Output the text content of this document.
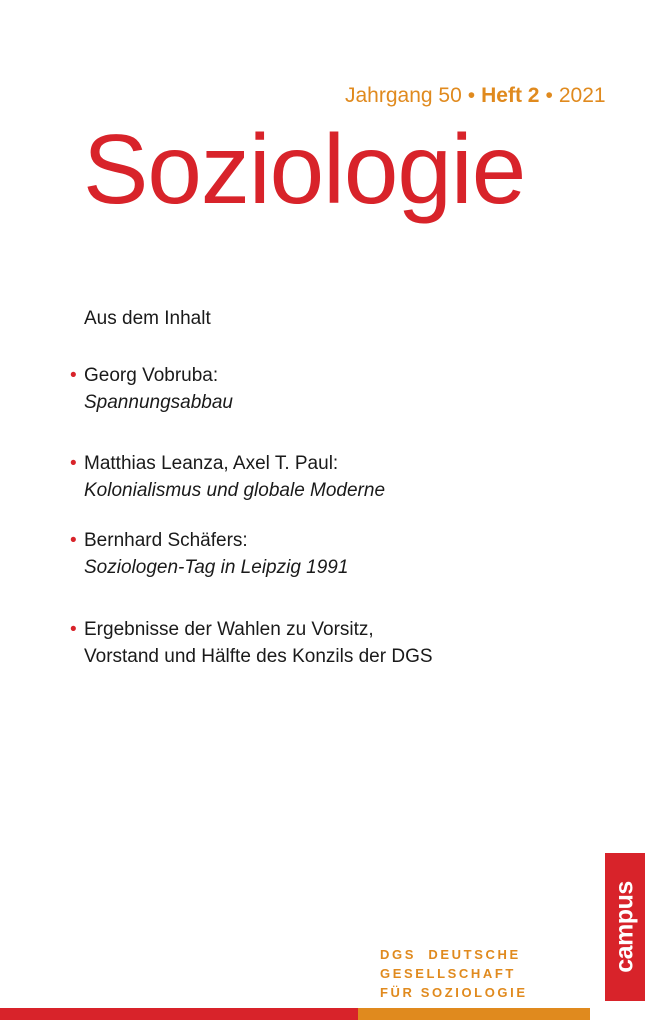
Jahrgang 50 • Heft 2 • 2021
Soziologie
Aus dem Inhalt
• Georg Vobruba:
Spannungsabbau
• Matthias Leanza, Axel T. Paul:
Kolonialismus und globale Moderne
• Bernhard Schäfers:
Soziologen-Tag in Leipzig 1991
• Ergebnisse der Wahlen zu Vorsitz,
Vorstand und Hälfte des Konzils der DGS
campus
DGS DEUTSCHE
GESELLSCHAFT
FÜR SOZIOLOGIE
